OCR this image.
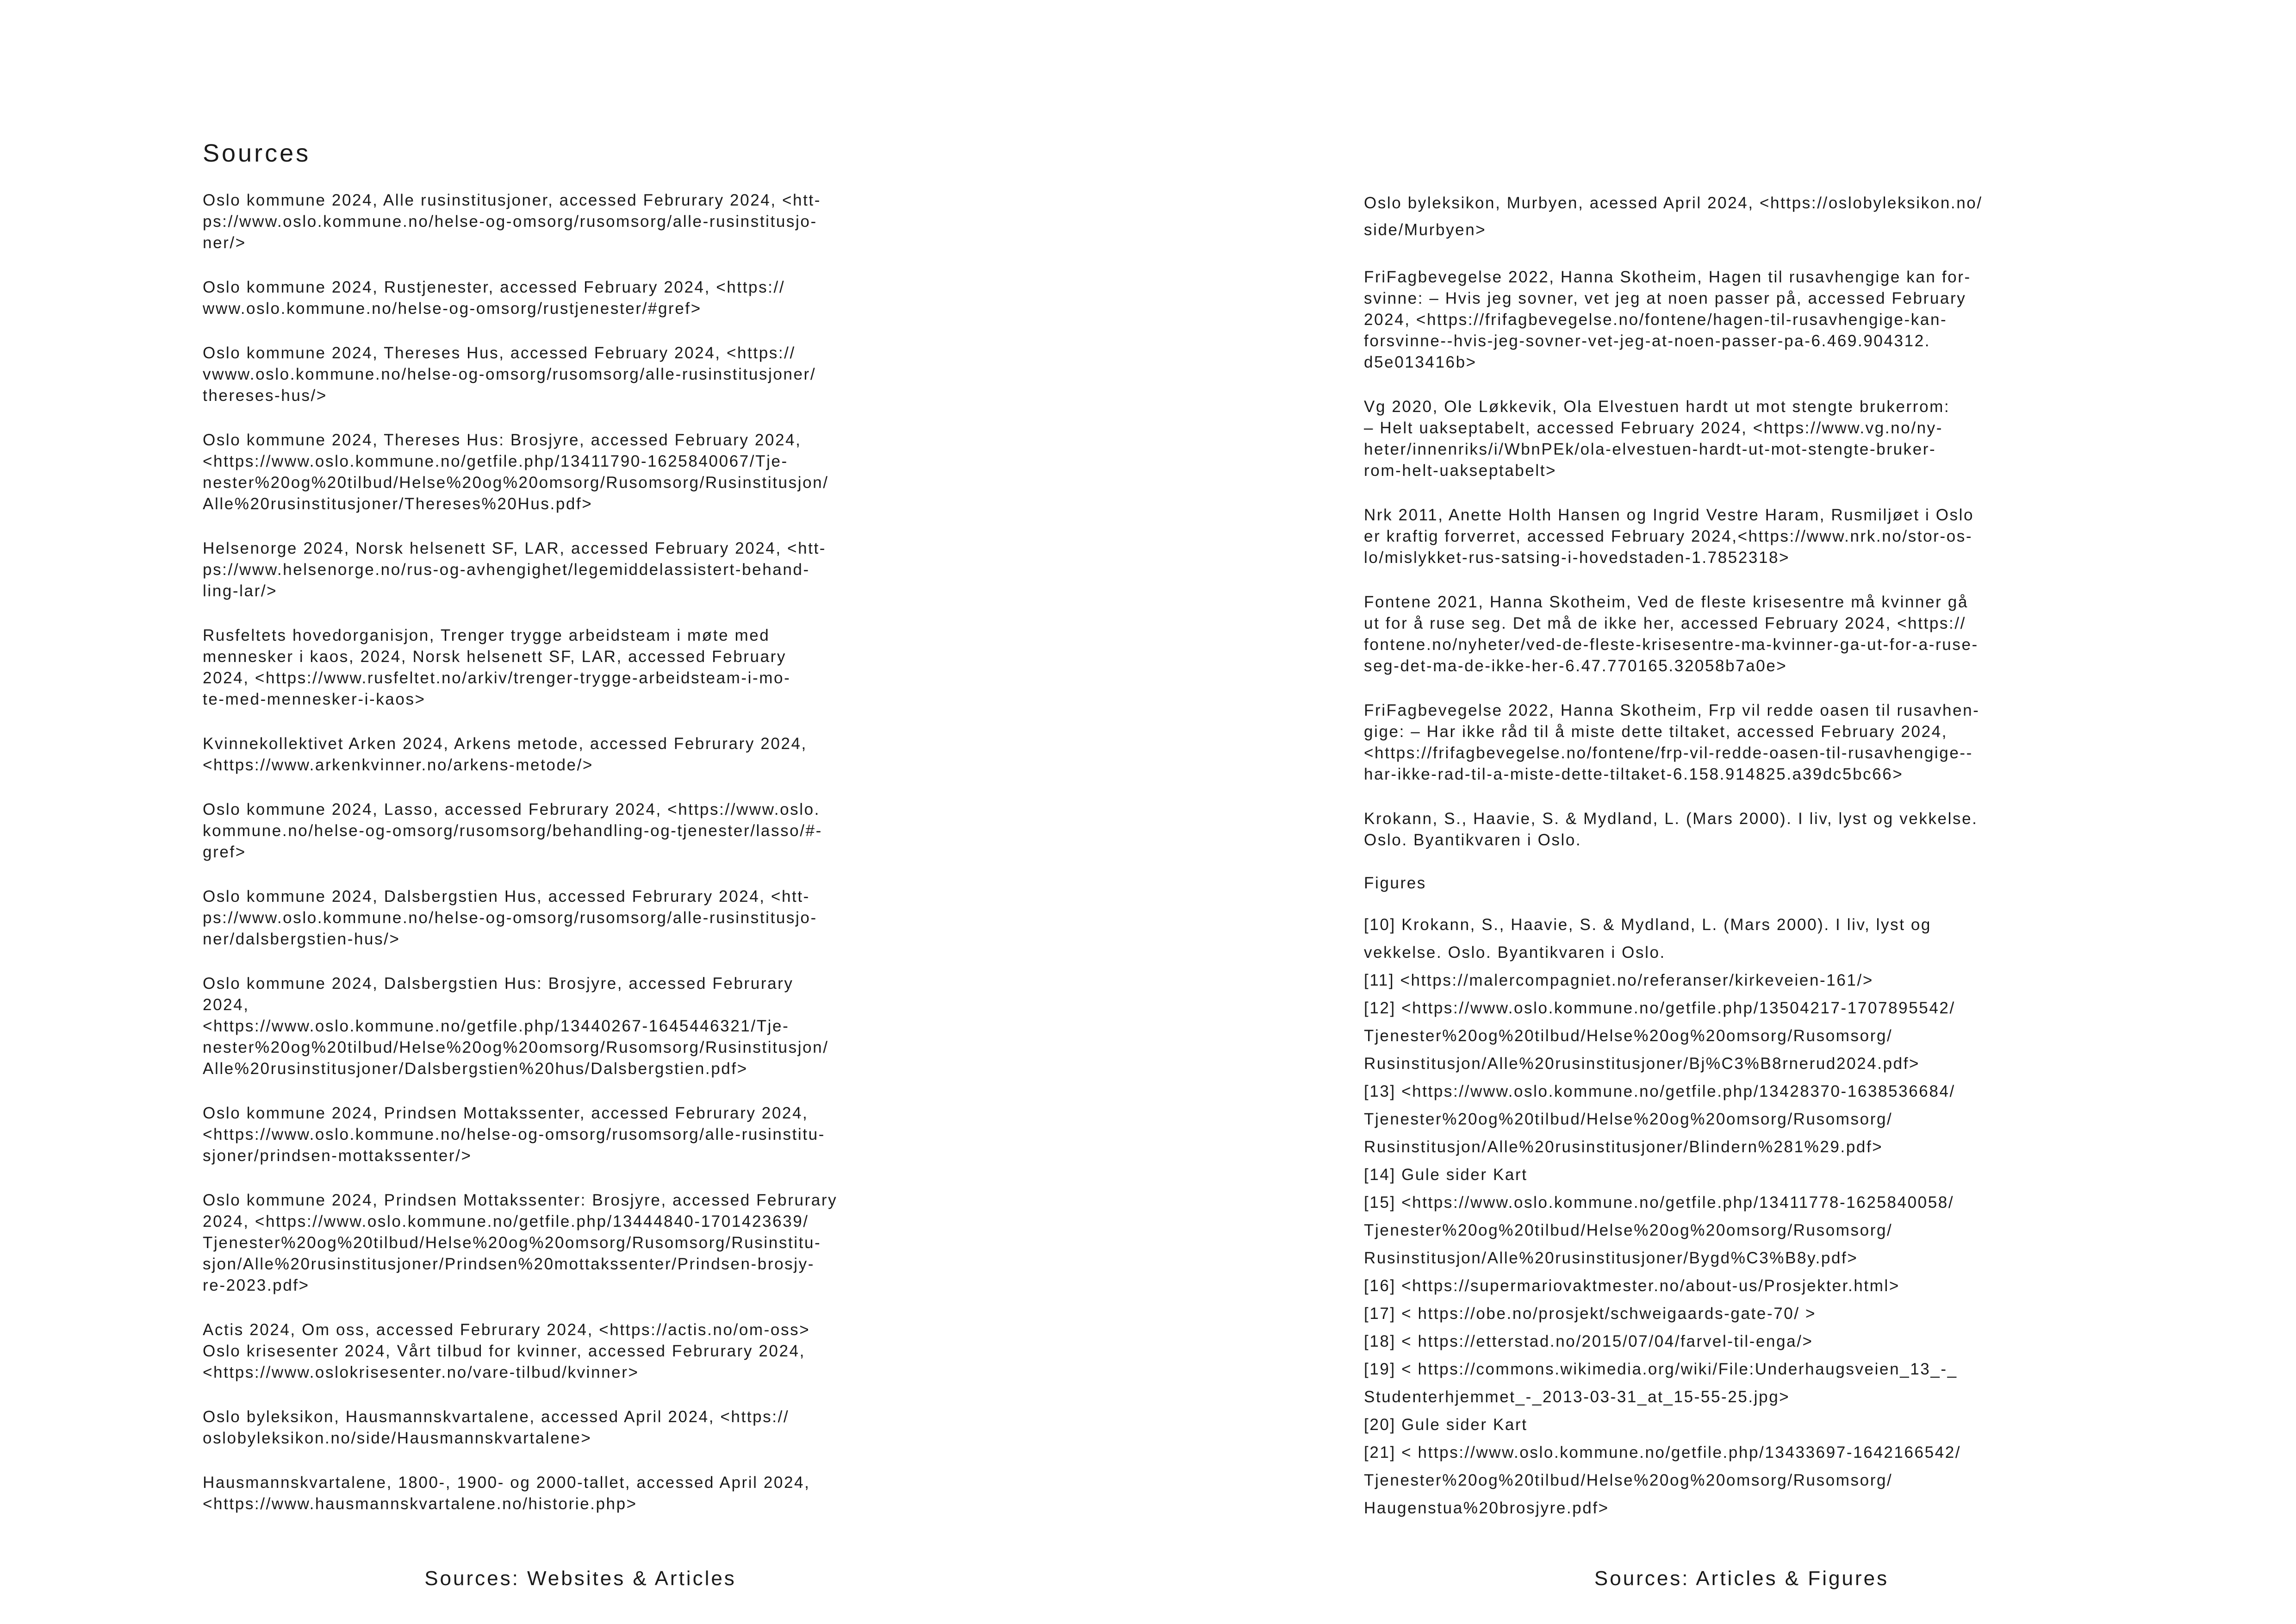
Sources
Oslo kommune 2024, Alle rusinstitusjoner, accessed Februrary 2024, <htt-
ps://www.oslo.kommune.no/helse-og-omsorg/rusomsorg/alle-rusinstitusjo-
ner/>
Oslo kommune 2024, Rustjenester, accessed February 2024, <https://
www.oslo.kommune.no/helse-og-omsorg/rustjenester/#gref>
Oslo kommune 2024, Thereses Hus, accessed February 2024, <https://
vwww.oslo.kommune.no/helse-og-omsorg/rusomsorg/alle-rusinstitusjoner/
thereses-hus/>
Oslo kommune 2024, Thereses Hus: Brosjyre, accessed February 2024,
<https://www.oslo.kommune.no/getfile.php/13411790-1625840067/Tje-
nester%20og%20tilbud/Helse%20og%20omsorg/Rusomsorg/Rusinstitusjon/
Alle%20rusinstitusjoner/Thereses%20Hus.pdf>
Helsenorge 2024, Norsk helsenett SF, LAR, accessed February 2024, <htt-
ps://www.helsenorge.no/rus-og-avhengighet/legemiddelassistert-behand-
ling-lar/>
Rusfeltets hovedorganisjon, Trenger trygge arbeidsteam i møte med
mennesker i kaos, 2024, Norsk helsenett SF, LAR, accessed February
2024, <https://www.rusfeltet.no/arkiv/trenger-trygge-arbeidsteam-i-mo-
te-med-mennesker-i-kaos>
Kvinnekollektivet Arken 2024, Arkens metode, accessed Februrary 2024,
<https://www.arkenkvinner.no/arkens-metode/>
Oslo kommune 2024, Lasso, accessed Februrary 2024, <https://www.oslo.
kommune.no/helse-og-omsorg/rusomsorg/behandling-og-tjenester/lasso/#-
gref>
Oslo kommune 2024, Dalsbergstien Hus, accessed Februrary 2024, <htt-
ps://www.oslo.kommune.no/helse-og-omsorg/rusomsorg/alle-rusinstitusjo-
ner/dalsbergstien-hus/>
Oslo kommune 2024, Dalsbergstien Hus: Brosjyre, accessed Februrary
2024,
<https://www.oslo.kommune.no/getfile.php/13440267-1645446321/Tje-
nester%20og%20tilbud/Helse%20og%20omsorg/Rusomsorg/Rusinstitusjon/
Alle%20rusinstitusjoner/Dalsbergstien%20hus/Dalsbergstien.pdf>
Oslo kommune 2024, Prindsen Mottakssenter, accessed Februrary 2024,
<https://www.oslo.kommune.no/helse-og-omsorg/rusomsorg/alle-rusinstitu-
sjoner/prindsen-mottakssenter/>
Oslo kommune 2024, Prindsen Mottakssenter: Brosjyre, accessed Februrary
2024, <https://www.oslo.kommune.no/getfile.php/13444840-1701423639/
Tjenester%20og%20tilbud/Helse%20og%20omsorg/Rusomsorg/Rusinstitu-
sjon/Alle%20rusinstitusjoner/Prindsen%20mottakssenter/Prindsen-brosjy-
re-2023.pdf>
Actis 2024, Om oss, accessed Februrary 2024, <https://actis.no/om-oss>
Oslo krisesenter 2024, Vårt tilbud for kvinner, accessed Februrary 2024,
<https://www.oslokrisesenter.no/vare-tilbud/kvinner>
Oslo byleksikon, Hausmannskvartalene, accessed April 2024, <https://
oslobyleksikon.no/side/Hausmannskvartalene>
Hausmannskvartalene, 1800-, 1900- og 2000-tallet, accessed April 2024,
<https://www.hausmannskvartalene.no/historie.php>
Oslo byleksikon, Murbyen, acessed April 2024, <https://oslobyleksikon.no/
side/Murbyen>
FriFagbevegelse 2022, Hanna Skotheim, Hagen til rusavhengige kan for-
svinne: – Hvis jeg sovner, vet jeg at noen passer på, accessed February
2024, <https://frifagbevegelse.no/fontene/hagen-til-rusavhengige-kan-
forsvinne--hvis-jeg-sovner-vet-jeg-at-noen-passer-pa-6.469.904312.
d5e013416b>
Vg 2020, Ole Løkkevik, Ola Elvestuen hardt ut mot stengte brukerrom:
– Helt uakseptabelt, accessed February 2024, <https://www.vg.no/ny-
heter/innenriks/i/WbnPEk/ola-elvestuen-hardt-ut-mot-stengte-bruker-
rom-helt-uakseptabelt>
Nrk 2011, Anette Holth Hansen og Ingrid Vestre Haram, Rusmiljøet i Oslo
er kraftig forverret, accessed February 2024,<https://www.nrk.no/stor-os-
lo/mislykket-rus-satsing-i-hovedstaden-1.7852318>
Fontene 2021, Hanna Skotheim, Ved de fleste krisesentre må kvinner gå
ut for å ruse seg. Det må de ikke her, accessed February 2024, <https://
fontene.no/nyheter/ved-de-fleste-krisesentre-ma-kvinner-ga-ut-for-a-ruse-
seg-det-ma-de-ikke-her-6.47.770165.32058b7a0e>
FriFagbevegelse 2022, Hanna Skotheim, Frp vil redde oasen til rusavhen-
gige: – Har ikke råd til å miste dette tiltaket, accessed February 2024,
<https://frifagbevegelse.no/fontene/frp-vil-redde-oasen-til-rusavhengige--
har-ikke-rad-til-a-miste-dette-tiltaket-6.158.914825.a39dc5bc66>
Krokann, S., Haavie, S. & Mydland, L. (Mars 2000). I liv, lyst og vekkelse.
Oslo. Byantikvaren i Oslo.
Figures
[10] Krokann, S., Haavie, S. & Mydland, L. (Mars 2000). I liv, lyst og
vekkelse. Oslo. Byantikvaren i Oslo.
[11] <https://malercompagniet.no/referanser/kirkeveien-161/>
[12] <https://www.oslo.kommune.no/getfile.php/13504217-1707895542/
Tjenester%20og%20tilbud/Helse%20og%20omsorg/Rusomsorg/
Rusinstitusjon/Alle%20rusinstitusjoner/Bj%C3%B8rnerud2024.pdf>
[13] <https://www.oslo.kommune.no/getfile.php/13428370-1638536684/
Tjenester%20og%20tilbud/Helse%20og%20omsorg/Rusomsorg/
Rusinstitusjon/Alle%20rusinstitusjoner/Blindern%281%29.pdf>
[14] Gule sider Kart
[15] <https://www.oslo.kommune.no/getfile.php/13411778-1625840058/
Tjenester%20og%20tilbud/Helse%20og%20omsorg/Rusomsorg/
Rusinstitusjon/Alle%20rusinstitusjoner/Bygd%C3%B8y.pdf>
[16] <https://supermariovaktmester.no/about-us/Prosjekter.html>
[17] < https://obe.no/prosjekt/schweigaards-gate-70/ >
[18] < https://etterstad.no/2015/07/04/farvel-til-enga/>
[19] < https://commons.wikimedia.org/wiki/File:Underhaugsveien_13_-_
Studenterhjemmet_-_2013-03-31_at_15-55-25.jpg>
[20] Gule sider Kart
[21] < https://www.oslo.kommune.no/getfile.php/13433697-1642166542/
Tjenester%20og%20tilbud/Helse%20og%20omsorg/Rusomsorg/
Haugenstua%20brosjyre.pdf>
Sources: Websites & Articles	Sources: Articles & Figures
